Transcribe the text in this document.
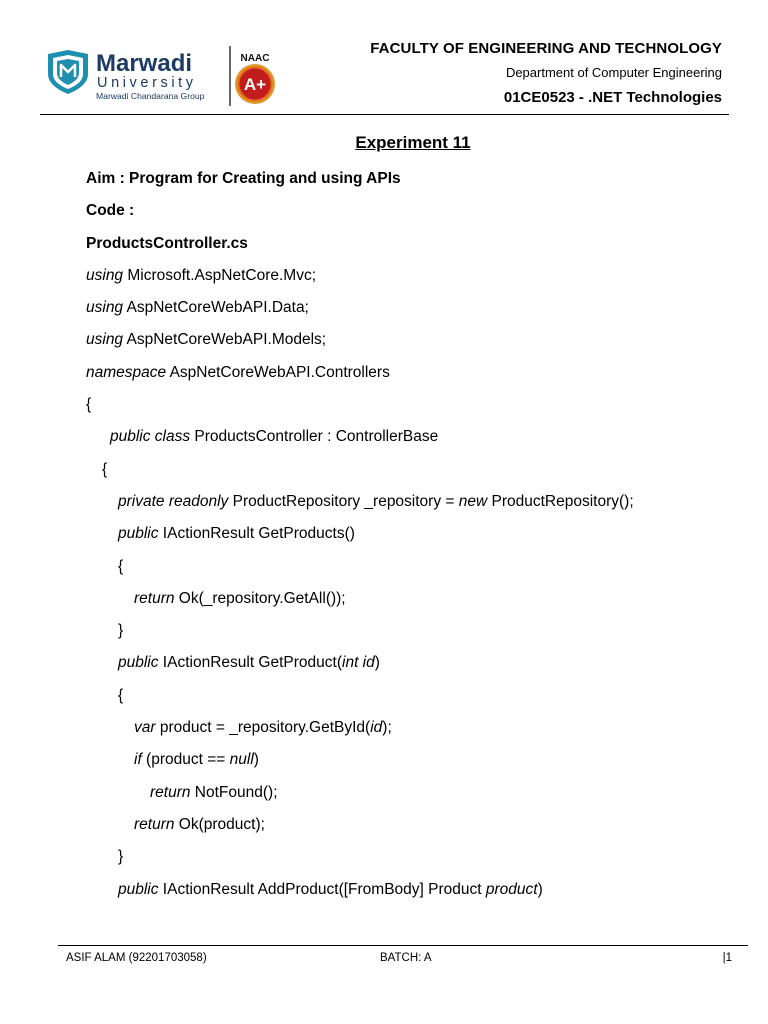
Marwadi
University
Marwadi Chandarana Group
NAAC
A+
FACULTY OF ENGINEERING AND TECHNOLOGY
Department of Computer Engineering
01CE0523 - .NET Technologies
Experiment 11
Aim : Program for Creating and using APIs
Code :
ProductsController.cs
using Microsoft.AspNetCore.Mvc;
using AspNetCoreWebAPI.Data;
using AspNetCoreWebAPI.Models;
namespace AspNetCoreWebAPI.Controllers
{
public class ProductsController : ControllerBase
{
private readonly ProductRepository _repository = new ProductRepository();
public IActionResult GetProducts()
{
return Ok(_repository.GetAll());
}
public IActionResult GetProduct(int id)
{
var product = _repository.GetById(id);
if (product == null)
return NotFound();
return Ok(product);
}
public IActionResult AddProduct([FromBody] Product product)
ASIF ALAM (92201703058)	BATCH: A	|1
